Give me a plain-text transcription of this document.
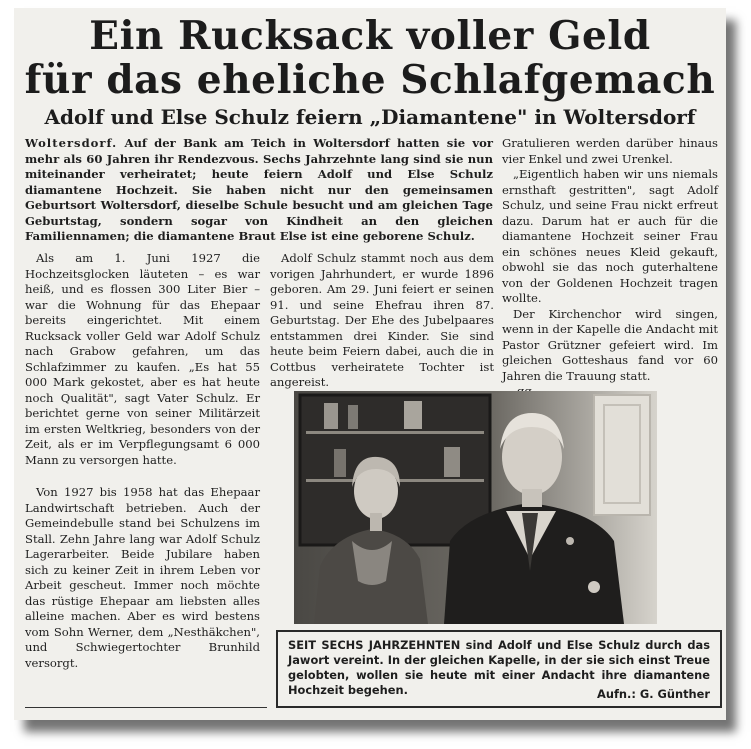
Ein Rucksack voller Geld
für das eheliche Schlafgemach
Adolf und Else Schulz feiern „Diamantene" in Woltersdorf

Woltersdorf. Auf der Bank am Teich in Woltersdorf hatten sie vor mehr als 60 Jahren ihr Rendezvous. Sechs Jahrzehnte lang sind sie nun miteinander verheiratet; heute feiern Adolf und Else Schulz diamantene Hochzeit. Sie haben nicht nur den gemeinsamen Geburtsort Woltersdorf, dieselbe Schule besucht und am gleichen Tage Geburtstag, sondern sogar von Kindheit an den gleichen Familiennamen; die diamantene Braut Else ist eine geborene Schulz.

Als am 1. Juni 1927 die Hochzeitsglocken läuteten – es war heiß, und es flossen 300 Liter Bier – war die Wohnung für das Ehepaar bereits eingerichtet. Mit einem Rucksack voller Geld war Adolf Schulz nach Grabow gefahren, um das Schlafzimmer zu kaufen. „Es hat 55 000 Mark gekostet, aber es hat heute noch Qualität", sagt Vater Schulz. Er berichtet gerne von seiner Militärzeit im ersten Weltkrieg, besonders von der Zeit, als er im Verpflegungsamt 6 000 Mann zu versorgen hatte.

Von 1927 bis 1958 hat das Ehepaar Landwirtschaft betrieben. Auch der Gemeindebulle stand bei Schulzens im Stall. Zehn Jahre lang war Adolf Schulz Lagerarbeiter. Beide Jubilare haben sich zu keiner Zeit in ihrem Leben vor Arbeit gescheut. Immer noch möchte das rüstige Ehepaar am liebsten alles alleine machen. Aber es wird bestens vom Sohn Werner, dem „Nesthäkchen", und Schwiegertochter Brunhild versorgt.

Adolf Schulz stammt noch aus dem vorigen Jahrhundert, er wurde 1896 geboren. Am 29. Juni feiert er seinen 91. und seine Ehefrau ihren 87. Geburtstag. Der Ehe des Jubelpaares entstammen drei Kinder. Sie sind heute beim Feiern dabei, auch die in Cottbus verheiratete Tochter ist angereist.

Gratulieren werden darüber hinaus vier Enkel und zwei Urenkel.

„Eigentlich haben wir uns niemals ernsthaft gestritten", sagt Adolf Schulz, und seine Frau nickt erfreut dazu. Darum hat er auch für die diamantene Hochzeit seiner Frau ein schönes neues Kleid gekauft, obwohl sie das noch guterhaltene von der Goldenen Hochzeit tragen wollte.

Der Kirchenchor wird singen, wenn in der Kapelle die Andacht mit Pastor Grützner gefeiert wird. Im gleichen Gotteshaus fand vor 60 Jahren die Trauung statt.

SEIT SECHS JAHRZEHNTEN sind Adolf und Else Schulz durch das Jawort vereint. In der gleichen Kapelle, in der sie sich einst Treue gelobten, wollen sie heute mit einer Andacht ihre diamantene Hochzeit begehen.	Aufn.: G. Günther
